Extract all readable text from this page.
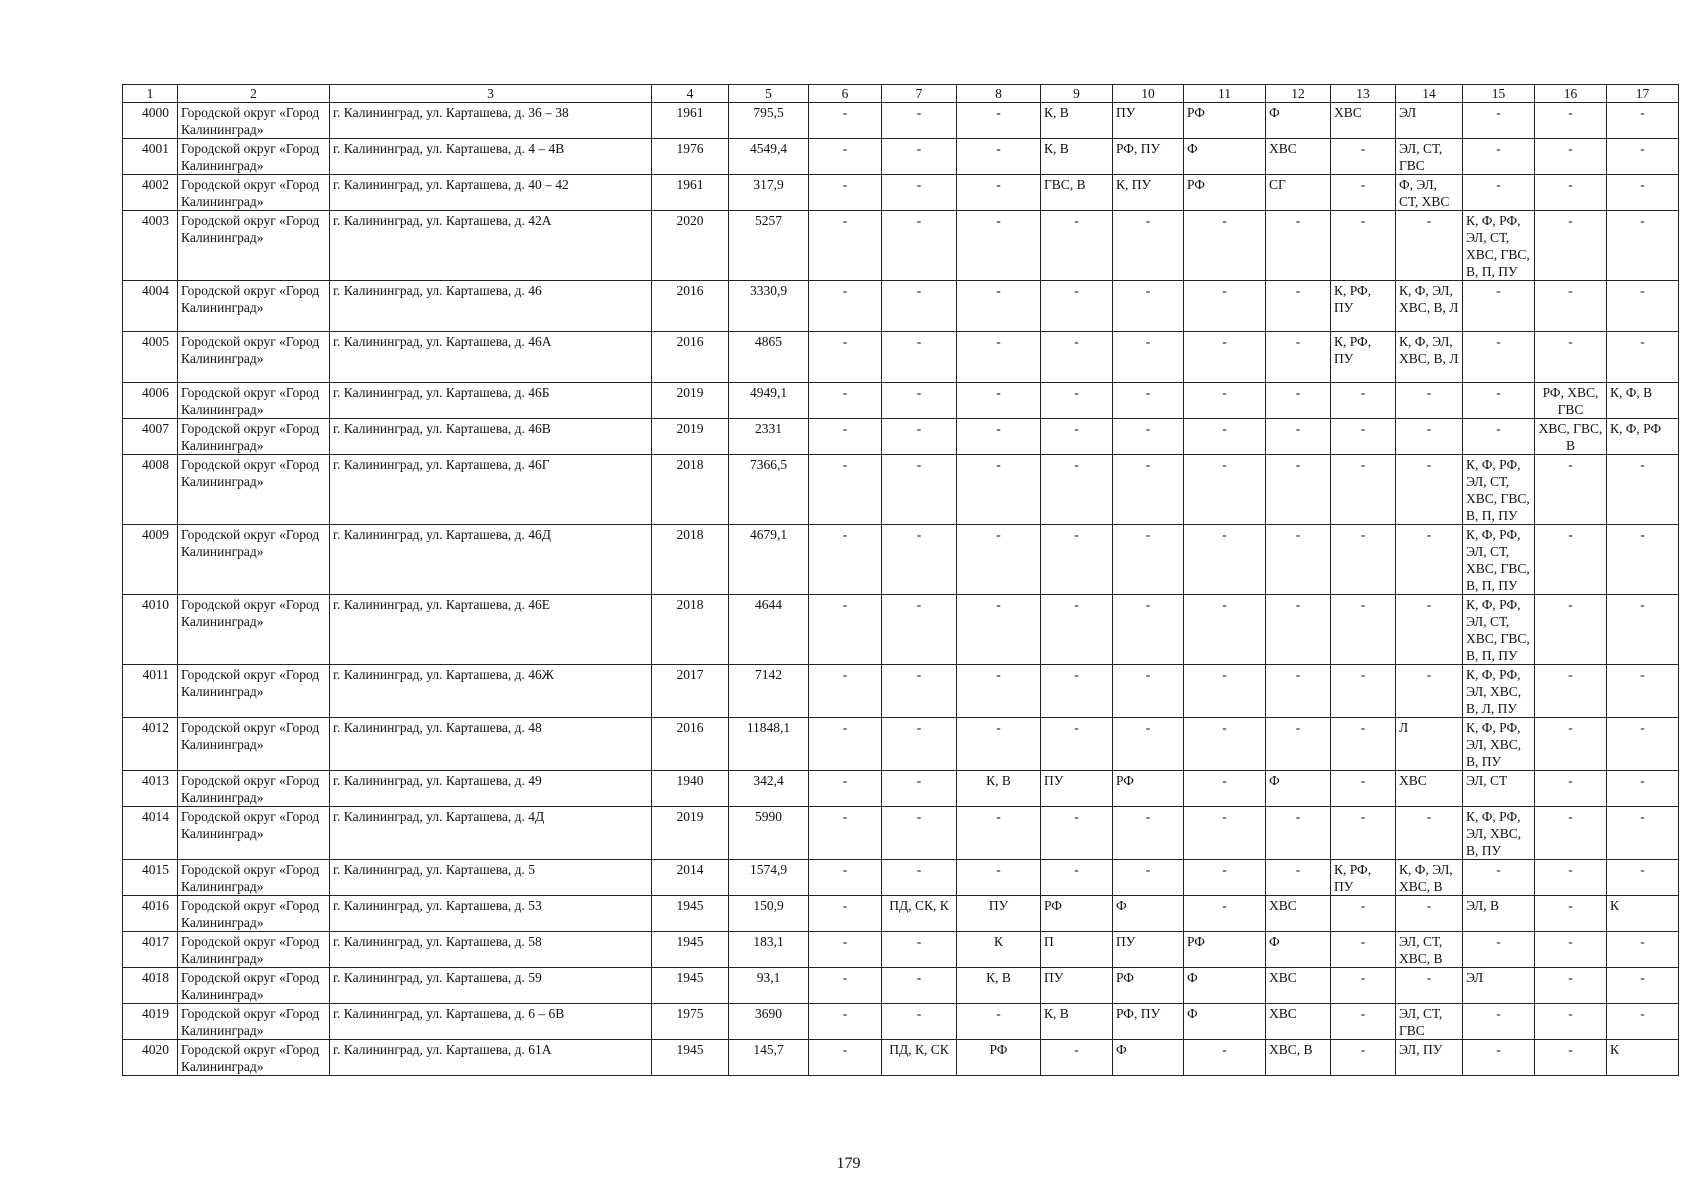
1	2	3	4	5	6	7	8	9	10	11	12	13	14	15	16	17
4000	Городской округ «Город Калининград»	г. Калининград, ул. Карташева, д. 36 – 38	1961	795,5	-	-	-	К, В	ПУ	РФ	Ф	ХВС	ЭЛ	-	-	-
4001	Городской округ «Город Калининград»	г. Калининград, ул. Карташева, д. 4 – 4В	1976	4549,4	-	-	-	К, В	РФ, ПУ	Ф	ХВС	-	ЭЛ, СТ, ГВС	-	-	-
4002	Городской округ «Город Калининград»	г. Калининград, ул. Карташева, д. 40 – 42	1961	317,9	-	-	-	ГВС, В	К, ПУ	РФ	СГ	-	Ф, ЭЛ, СТ, ХВС	-	-	-
4003	Городской округ «Город Калининград»	г. Калининград, ул. Карташева, д. 42А	2020	5257	-	-	-	-	-	-	-	-	-	К, Ф, РФ, ЭЛ, СТ, ХВС, ГВС, В, П, ПУ	-	-
4004	Городской округ «Город Калининград»	г. Калининград, ул. Карташева, д. 46	2016	3330,9	-	-	-	-	-	-	-	К, РФ, ПУ	К, Ф, ЭЛ, ХВС, В, Л	-	-	-
4005	Городской округ «Город Калининград»	г. Калининград, ул. Карташева, д. 46А	2016	4865	-	-	-	-	-	-	-	К, РФ, ПУ	К, Ф, ЭЛ, ХВС, В, Л	-	-	-
4006	Городской округ «Город Калининград»	г. Калининград, ул. Карташева, д. 46Б	2019	4949,1	-	-	-	-	-	-	-	-	-	-	РФ, ХВС, ГВС	К, Ф, В
4007	Городской округ «Город Калининград»	г. Калининград, ул. Карташева, д. 46В	2019	2331	-	-	-	-	-	-	-	-	-	-	ХВС, ГВС, В	К, Ф, РФ
4008	Городской округ «Город Калининград»	г. Калининград, ул. Карташева, д. 46Г	2018	7366,5	-	-	-	-	-	-	-	-	-	К, Ф, РФ, ЭЛ, СТ, ХВС, ГВС, В, П, ПУ	-	-
4009	Городской округ «Город Калининград»	г. Калининград, ул. Карташева, д. 46Д	2018	4679,1	-	-	-	-	-	-	-	-	-	К, Ф, РФ, ЭЛ, СТ, ХВС, ГВС, В, П, ПУ	-	-
4010	Городской округ «Город Калининград»	г. Калининград, ул. Карташева, д. 46Е	2018	4644	-	-	-	-	-	-	-	-	-	К, Ф, РФ, ЭЛ, СТ, ХВС, ГВС, В, П, ПУ	-	-
4011	Городской округ «Город Калининград»	г. Калининград, ул. Карташева, д. 46Ж	2017	7142	-	-	-	-	-	-	-	-	-	К, Ф, РФ, ЭЛ, ХВС, В, Л, ПУ	-	-
4012	Городской округ «Город Калининград»	г. Калининград, ул. Карташева, д. 48	2016	11848,1	-	-	-	-	-	-	-	-	Л	К, Ф, РФ, ЭЛ, ХВС, В, ПУ	-	-
4013	Городской округ «Город Калининград»	г. Калининград, ул. Карташева, д. 49	1940	342,4	-	-	К, В	ПУ	РФ	-	Ф	-	ХВС	ЭЛ, СТ	-	-
4014	Городской округ «Город Калининград»	г. Калининград, ул. Карташева, д. 4Д	2019	5990	-	-	-	-	-	-	-	-	-	К, Ф, РФ, ЭЛ, ХВС, В, ПУ	-	-
4015	Городской округ «Город Калининград»	г. Калининград, ул. Карташева, д. 5	2014	1574,9	-	-	-	-	-	-	-	К, РФ, ПУ	К, Ф, ЭЛ, ХВС, В	-	-	-
4016	Городской округ «Город Калининград»	г. Калининград, ул. Карташева, д. 53	1945	150,9	-	ПД, СК, К	ПУ	РФ	Ф	-	ХВС	-	-	ЭЛ, В	-	К
4017	Городской округ «Город Калининград»	г. Калининград, ул. Карташева, д. 58	1945	183,1	-	-	К	П	ПУ	РФ	Ф	-	ЭЛ, СТ, ХВС, В	-	-	-
4018	Городской округ «Город Калининград»	г. Калининград, ул. Карташева, д. 59	1945	93,1	-	-	К, В	ПУ	РФ	Ф	ХВС	-	-	ЭЛ	-	-
4019	Городской округ «Город Калининград»	г. Калининград, ул. Карташева, д. 6 – 6В	1975	3690	-	-	-	К, В	РФ, ПУ	Ф	ХВС	-	ЭЛ, СТ, ГВС	-	-	-
4020	Городской округ «Город Калининград»	г. Калининград, ул. Карташева, д. 61А	1945	145,7	-	ПД, К, СК	РФ	-	Ф	-	ХВС, В	-	ЭЛ, ПУ	-	-	К
179
